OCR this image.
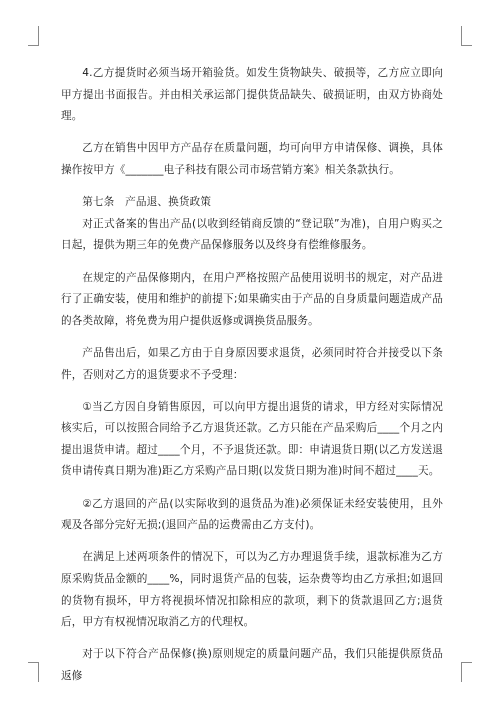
4.乙方提货时必须当场开箱验货。如发生货物缺失、破损等，乙方应立即向甲方提出书面报告。并由相关承运部门提供货品缺失、破损证明，由双方协商处理。

乙方在销售中因甲方产品存在质量问题，均可向甲方申请保修、调换，具体操作按甲方《_______电子科技有限公司市场营销方案》相关条款执行。

第七条　产品退、换货政策

对正式备案的售出产品(以收到经销商反馈的“登记联”为准)，自用户购买之日起，提供为期三年的免费产品保修服务以及终身有偿维修服务。

在规定的产品保修期内，在用户严格按照产品使用说明书的规定，对产品进行了正确安装，使用和维护的前提下;如果确实由于产品的自身质量问题造成产品的各类故障，将免费为用户提供返修或调换货品服务。

产品售出后，如果乙方由于自身原因要求退货，必须同时符合并接受以下条件，否则对乙方的退货要求不予受理：

①当乙方因自身销售原因，可以向甲方提出退货的请求，甲方经对实际情况核实后，可以按照合同给予乙方退货还款。乙方只能在产品采购后____个月之内提出退货申请。超过____个月，不予退货还款。即：申请退货日期(以乙方发送退货申请传真日期为准)距乙方采购产品日期(以发货日期为准)时间不超过____天。

②乙方退回的产品(以实际收到的退货品为准)必须保证未经安装使用，且外观及各部分完好无损;(退回产品的运费需由乙方支付)。

在满足上述两项条件的情况下，可以为乙方办理退货手续，退款标准为乙方原采购货品金额的____%，同时退货产品的包装，运杂费等均由乙方承担;如退回的货物有损坏，甲方将视损坏情况扣除相应的款项，剩下的货款退回乙方;退货后，甲方有权视情况取消乙方的代理权。

对于以下符合产品保修(换)原则规定的质量问题产品，我们只能提供原货品返修
